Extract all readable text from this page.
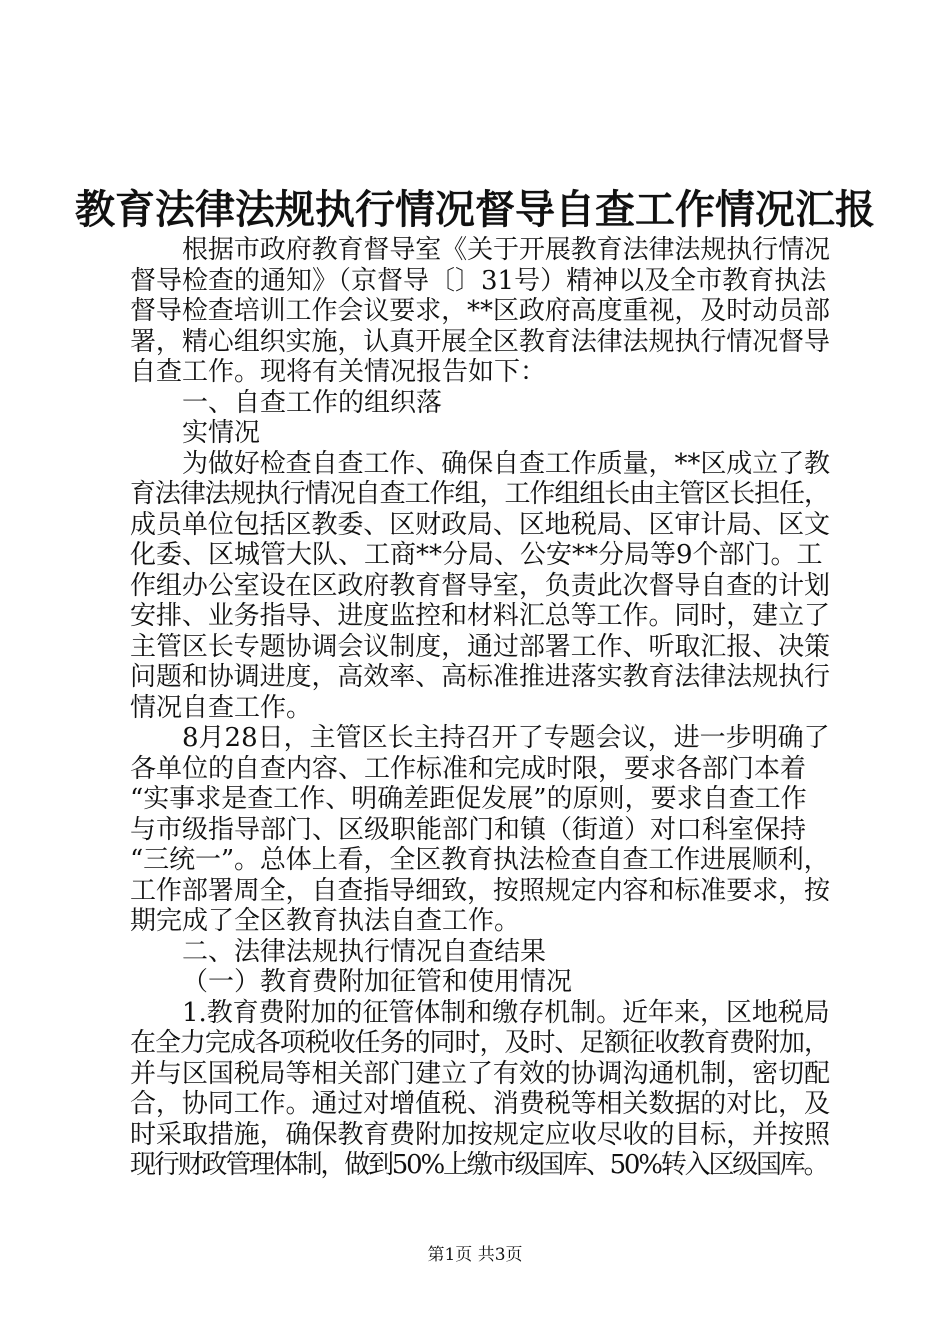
教育法律法规执行情况督导自查工作情况汇报
根据市政府教育督导室《关于开展教育法律法规执行情况
督导检查的通知》（京督导〔〕31号）精神以及全市教育执法
督导检查培训工作会议要求，**区政府高度重视，及时动员部
署，精心组织实施，认真开展全区教育法律法规执行情况督导
自查工作。现将有关情况报告如下：
一、自查工作的组织落
实情况
为做好检查自查工作、确保自查工作质量，**区成立了教
育法律法规执行情况自查工作组，工作组组长由主管区长担任，
成员单位包括区教委、区财政局、区地税局、区审计局、区文
化委、区城管大队、工商**分局、公安**分局等9个部门。工
作组办公室设在区政府教育督导室，负责此次督导自查的计划
安排、业务指导、进度监控和材料汇总等工作。同时，建立了
主管区长专题协调会议制度，通过部署工作、听取汇报、决策
问题和协调进度，高效率、高标准推进落实教育法律法规执行
情况自查工作。
8月28日，主管区长主持召开了专题会议，进一步明确了
各单位的自查内容、工作标准和完成时限，要求各部门本着
“实事求是查工作、明确差距促发展”的原则，要求自查工作
与市级指导部门、区级职能部门和镇（街道）对口科室保持
“三统一”。总体上看，全区教育执法检查自查工作进展顺利，
工作部署周全，自查指导细致，按照规定内容和标准要求，按
期完成了全区教育执法自查工作。
二、法律法规执行情况自查结果
（一）教育费附加征管和使用情况
1.教育费附加的征管体制和缴存机制。近年来，区地税局
在全力完成各项税收任务的同时，及时、足额征收教育费附加，
并与区国税局等相关部门建立了有效的协调沟通机制，密切配
合，协同工作。通过对增值税、消费税等相关数据的对比，及
时采取措施，确保教育费附加按规定应收尽收的目标，并按照
现行财政管理体制，做到50%上缴市级国库、50%转入区级国库。
第1页 共3页
